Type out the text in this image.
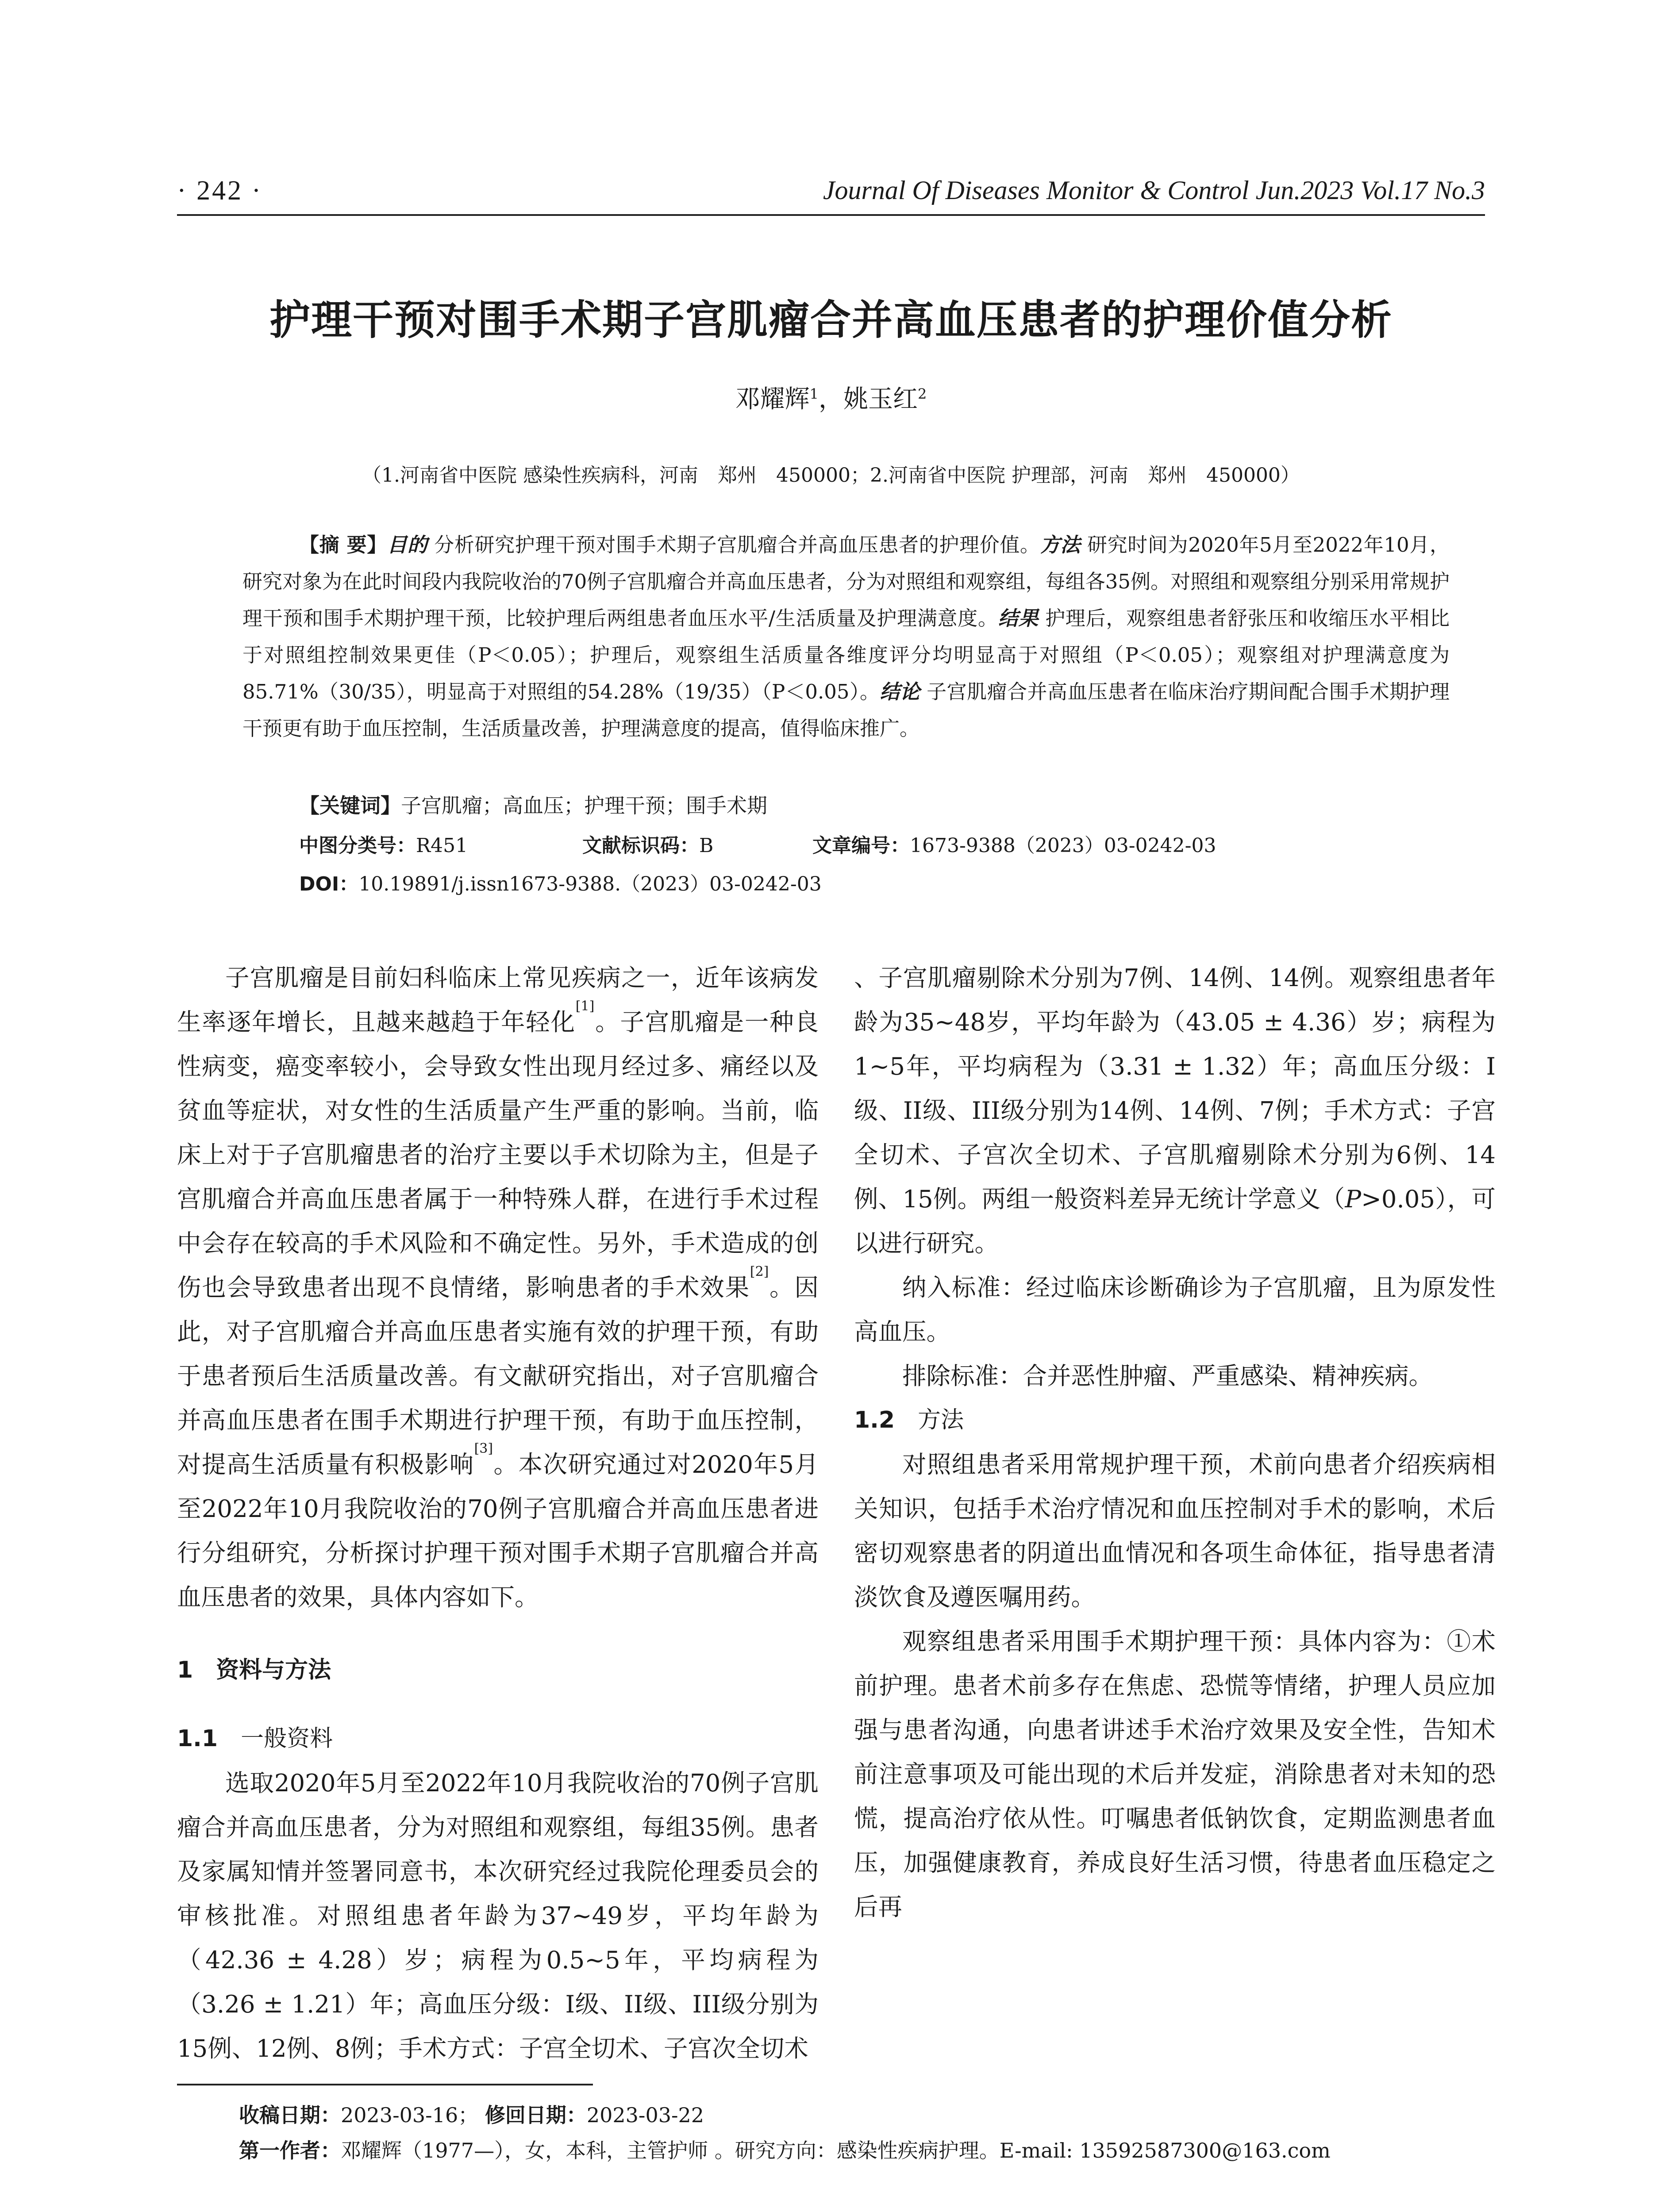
· 242 ·	Journal Of Diseases Monitor & Control Jun.2023 Vol.17 No.3
护理干预对围手术期子宫肌瘤合并高血压患者的护理价值分析
邓耀辉$^1$，姚玉红$^2$
（1.河南省中医院 感染性疾病科，河南　郑州　450000；2.河南省中医院 护理部，河南　郑州　450000）
【摘 要】目的 分析研究护理干预对围手术期子宫肌瘤合并高血压患者的护理价值。方法 研究时间为2020年5月至2022年10月，研究对象为在此时间段内我院收治的70例子宫肌瘤合并高血压患者，分为对照组和观察组，每组各35例。对照组和观察组分别采用常规护理干预和围手术期护理干预，比较护理后两组患者血压水平/生活质量及护理满意度。结果 护理后，观察组患者舒张压和收缩压水平相比于对照组控制效果更佳（P＜0.05）；护理后，观察组生活质量各维度评分均明显高于对照组（P＜0.05）；观察组对护理满意度为85.71%（30/35），明显高于对照组的54.28%（19/35）（P＜0.05）。结论 子宫肌瘤合并高血压患者在临床治疗期间配合围手术期护理干预更有助于血压控制，生活质量改善，护理满意度的提高，值得临床推广。
【关键词】子宫肌瘤；高血压；护理干预；围手术期
中图分类号：R451	文献标识码：B	文章编号：1673-9388（2023）03-0242-03
DOI：10.19891/j.issn1673-9388.（2023）03-0242-03

子宫肌瘤是目前妇科临床上常见疾病之一，近年该病发生率逐年增长，且越来越趋于年轻化[1]。子宫肌瘤是一种良性病变，癌变率较小，会导致女性出现月经过多、痛经以及贫血等症状，对女性的生活质量产生严重的影响。当前，临床上对于子宫肌瘤患者的治疗主要以手术切除为主，但是子宫肌瘤合并高血压患者属于一种特殊人群，在进行手术过程中会存在较高的手术风险和不确定性。另外，手术造成的创伤也会导致患者出现不良情绪，影响患者的手术效果[2]。因此，对子宫肌瘤合并高血压患者实施有效的护理干预，有助于患者预后生活质量改善。有文献研究指出，对子宫肌瘤合并高血压患者在围手术期进行护理干预，有助于血压控制，对提高生活质量有积极影响[3]。本次研究通过对2020年5月至2022年10月我院收治的70例子宫肌瘤合并高血压患者进行分组研究，分析探讨护理干预对围手术期子宫肌瘤合并高血压患者的效果，具体内容如下。

1　资料与方法
1.1　一般资料

选取2020年5月至2022年10月我院收治的70例子宫肌瘤合并高血压患者，分为对照组和观察组，每组35例。患者及家属知情并签署同意书，本次研究经过我院伦理委员会的审核批准。对照组患者年龄为37~49岁，平均年龄为（42.36 ± 4.28）岁；病程为0.5~5年，平均病程为（3.26 ± 1.21）年；高血压分级：I级、II级、III级分别为15例、12例、8例；手术方式：子宫全切术、子宫次全切术

收稿日期：2023-03-16； 修回日期：2023-03-22
第一作者：邓耀辉（1977—），女，本科，主管护师 。研究方向：感染性疾病护理。E-mail: 13592587300@163.com

、子宫肌瘤剔除术分别为7例、14例、14例。观察组患者年龄为35~48岁，平均年龄为（43.05 ± 4.36）岁；病程为1~5年，平均病程为（3.31 ± 1.32）年；高血压分级：I级、II级、III级分别为14例、14例、7例；手术方式：子宫全切术、子宫次全切术、子宫肌瘤剔除术分别为6例、14例、15例。两组一般资料差异无统计学意义（P>0.05），可以进行研究。

纳入标准：经过临床诊断确诊为子宫肌瘤，且为原发性高血压。

排除标准：合并恶性肿瘤、严重感染、精神疾病。

1.2　方法

对照组患者采用常规护理干预，术前向患者介绍疾病相关知识，包括手术治疗情况和血压控制对手术的影响，术后密切观察患者的阴道出血情况和各项生命体征，指导患者清淡饮食及遵医嘱用药。

观察组患者采用围手术期护理干预：具体内容为：①术前护理。患者术前多存在焦虑、恐慌等情绪，护理人员应加强与患者沟通，向患者讲述手术治疗效果及安全性，告知术前注意事项及可能出现的术后并发症，消除患者对未知的恐慌，提高治疗依从性。叮嘱患者低钠饮食，定期监测患者血压，加强健康教育，养成良好生活习惯，待患者血压稳定之后再
